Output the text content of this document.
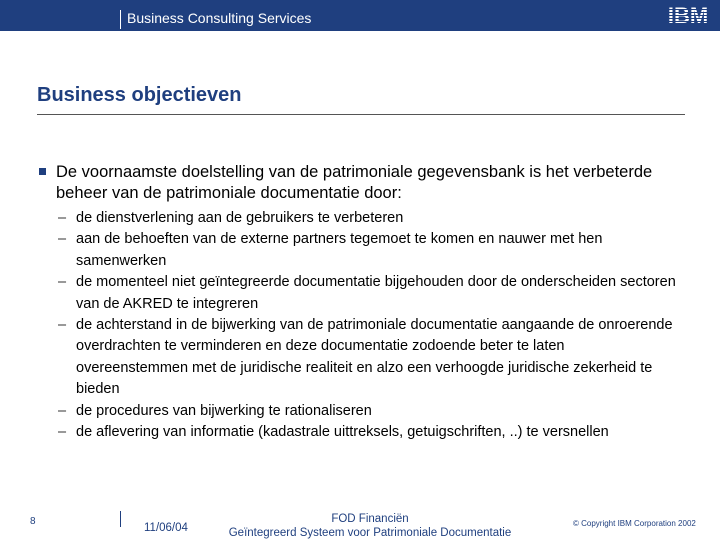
Business Consulting Services	IBM
Business objectieven
De voornaamste doelstelling van de patrimoniale gegevensbank is het verbeterde beheer van de patrimoniale documentatie door:
– de dienstverlening aan de gebruikers te verbeteren
– aan de behoeften van de externe partners tegemoet te komen en nauwer met hen samenwerken
– de momenteel niet geïntegreerde documentatie bijgehouden door de onderscheiden sectoren van de AKRED te integreren
– de achterstand in de bijwerking van de patrimoniale documentatie aangaande de onroerende overdrachten te verminderen en deze documentatie zodoende beter te laten overeenstemmen met de juridische realiteit en alzo een verhoogde juridische zekerheid te bieden
– de procedures van bijwerking te rationaliseren
– de aflevering van informatie (kadastrale uittreksels, getuigschriften, ..) te versnellen
8
11/06/04
FOD Financiën
Geïntegreerd Systeem voor Patrimoniale Documentatie
© Copyright IBM Corporation 2002
